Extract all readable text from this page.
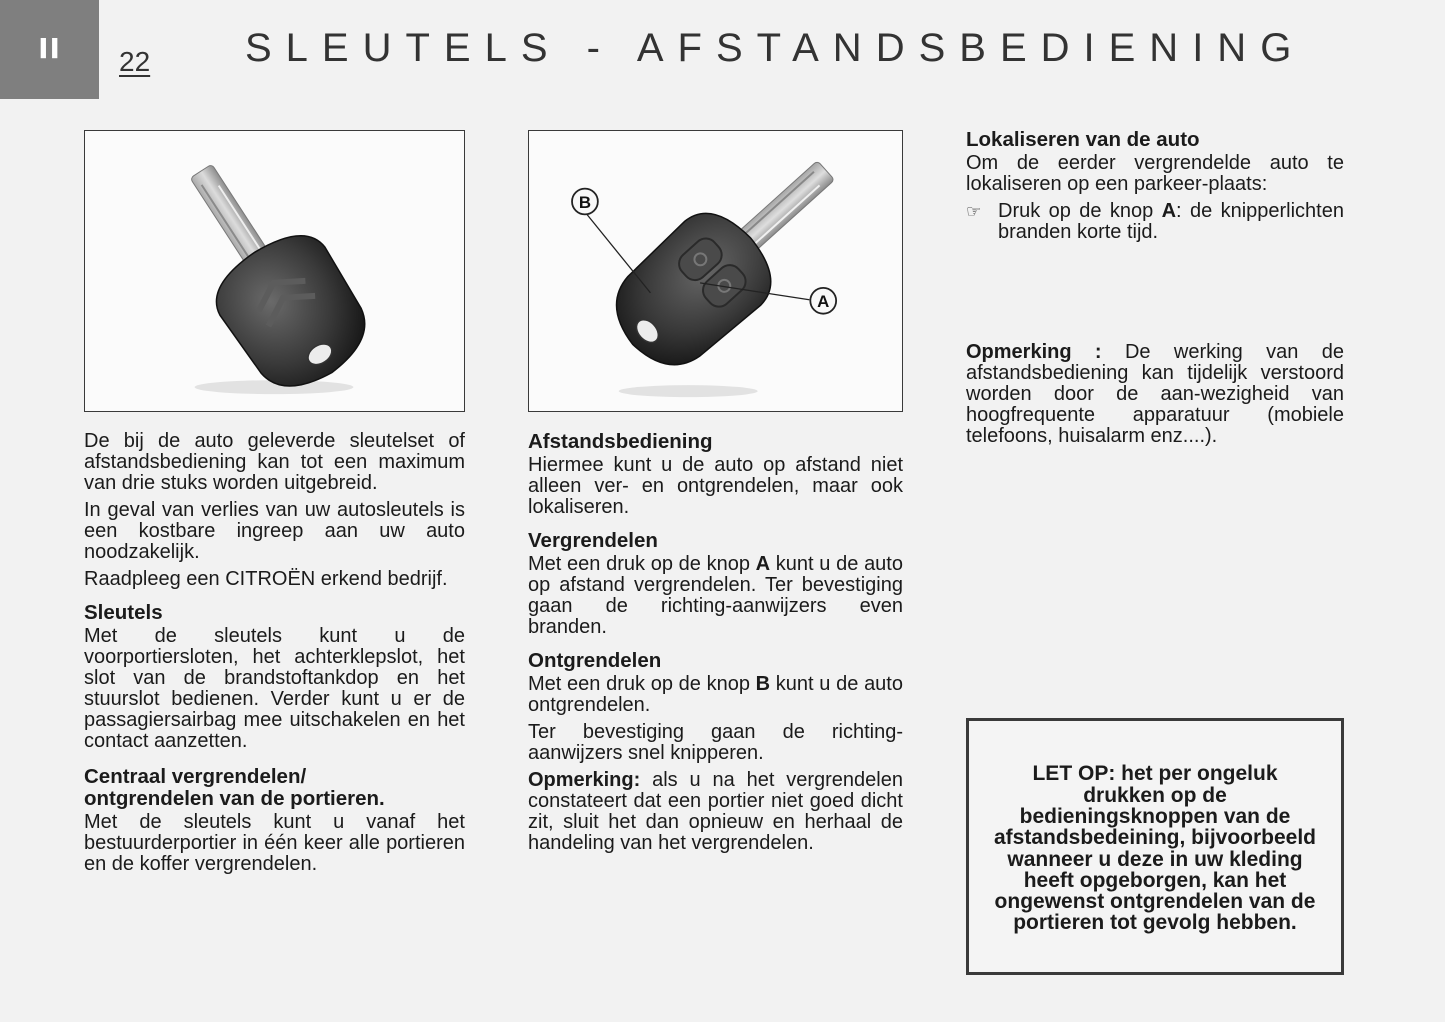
II 22 SLEUTELS - AFSTANDSBEDIENING
B
A

De bij de auto geleverde sleutelset of afstandsbediening kan tot een maximum van drie stuks worden uitgebreid.

In geval van verlies van uw autosleutels is een kostbare ingreep aan uw auto noodzakelijk.

Raadpleeg een CITROËN erkend bedrijf.

Sleutels

Met de sleutels kunt u de voorportiersloten, het achterklepslot, het slot van de brandstoftankdop en het stuurslot bedienen. Verder kunt u er de passagiersairbag mee uitschakelen en het contact aanzetten.

Centraal vergrendelen/
ontgrendelen van de portieren.

Met de sleutels kunt u vanaf het bestuurderportier in één keer alle portieren en de koffer vergrendelen.

Afstandsbediening

Hiermee kunt u de auto op afstand niet alleen ver- en ontgrendelen, maar ook lokaliseren.

Vergrendelen

Met een druk op de knop A kunt u de auto op afstand vergrendelen. Ter bevestiging gaan de richting-aanwijzers even branden.

Ontgrendelen

Met een druk op de knop B kunt u de auto ontgrendelen.

Ter bevestiging gaan de richting-aanwijzers snel knipperen.

Opmerking: als u na het vergrendelen constateert dat een portier niet goed dicht zit, sluit het dan opnieuw en herhaal de handeling van het vergrendelen.

Lokaliseren van de auto

Om de eerder vergrendelde auto te lokaliseren op een parkeer-plaats:

☞ Druk op de knop A: de knipperlichten branden korte tijd.

Opmerking : De werking van de afstandsbediening kan tijdelijk verstoord worden door de aan-wezigheid van hoogfrequente apparatuur (mobiele telefoons, huisalarm enz....).

LET OP: het per ongeluk drukken op de bedieningsknoppen van de afstandsbedeining, bijvoorbeeld wanneer u deze in uw kleding heeft opgeborgen, kan het ongewenst ontgrendelen van de portieren tot gevolg hebben.
